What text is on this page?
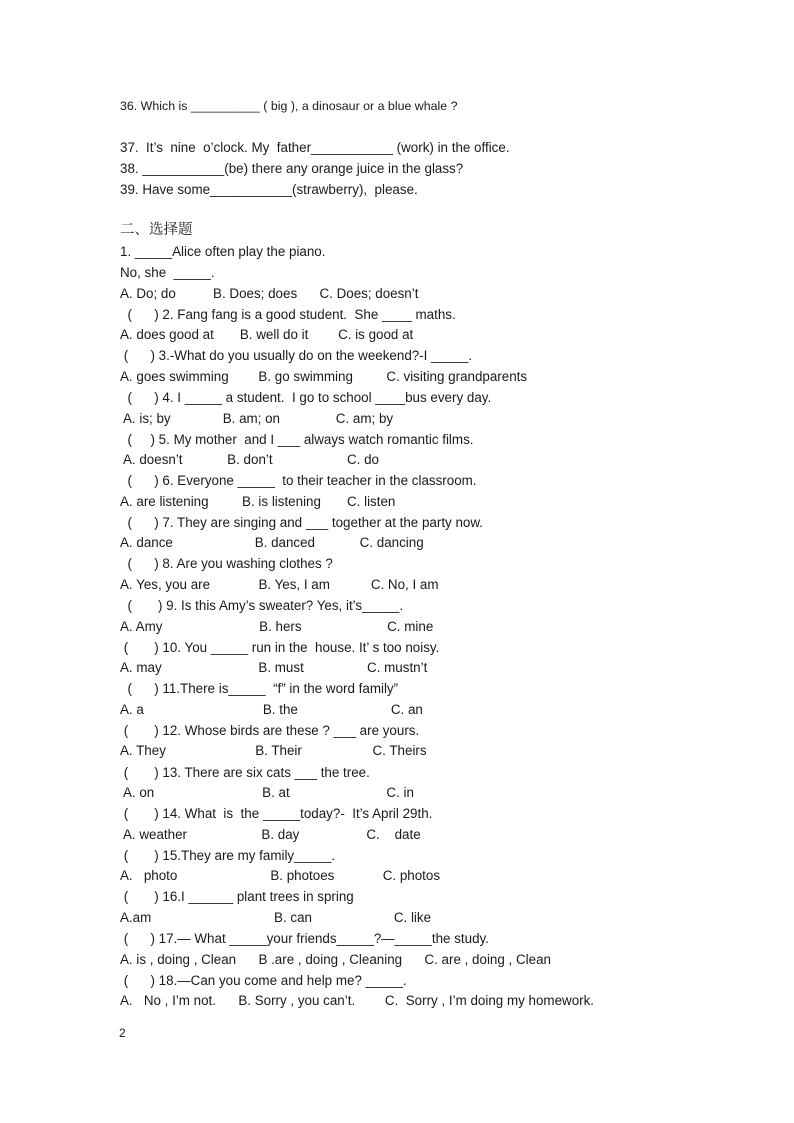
36. Which is __________ ( big ), a dinosaur or a blue whale ?
37.  It’s  nine  o’clock. My  father___________ (work) in the office.
38. ___________(be) there any orange juice in the glass?
39. Have some___________(strawberry),  please.
二、选择题
1. _____Alice often play the piano.
No, she  _____.
A. Do; do          B. Does; does      C. Does; doesn’t
(      ) 2. Fang fang is a good student.  She ____ maths.
A. does good at       B. well do it        C. is good at
(      ) 3.-What do you usually do on the weekend?-I _____.
A. goes swimming        B. go swimming         C. visiting grandparents
(      ) 4. I _____ a student.  I go to school ____bus every day.
A. is; by              B. am; on               C. am; by
(     ) 5. My mother  and I ___ always watch romantic films.
A. doesn’t            B. don’t                    C. do
(      ) 6. Everyone _____  to their teacher in the classroom.
A. are listening         B. is listening       C. listen
(      ) 7. They are singing and ___ together at the party now.
A. dance                      B. danced            C. dancing
(      ) 8. Are you washing clothes ?
A. Yes, you are             B. Yes, I am           C. No, I am
(       ) 9. Is this Amy’s sweater? Yes, it’s_____.
A. Amy                          B. hers                       C. mine
(       ) 10. You _____ run in the  house. It’ s too noisy.
A. may                          B. must                 C. mustn’t
(      ) 11.There is_____  “f” in the word family”
A. a                                B. the                         C. an
(       ) 12. Whose birds are these ? ___ are yours.
A. They                        B. Their                   C. Theirs
(       ) 13. There are six cats ___ the tree.
A. on                             B. at                          C. in
(       ) 14. What  is  the _____today?-  It’s April 29th.
A. weather                    B. day                  C.    date
(       ) 15.They are my family_____.
A.   photo                         B. photoes             C. photos
(       ) 16.I ______ plant trees in spring
A.am                                 B. can                      C. like
(      ) 17.— What _____your friends_____?—_____the study.
A. is , doing , Clean      B .are , doing , Cleaning      C. are , doing , Clean
(      ) 18.—Can you come and help me? _____.
A.   No , I’m not.      B. Sorry , you can’t.        C.  Sorry , I’m doing my homework.
2
